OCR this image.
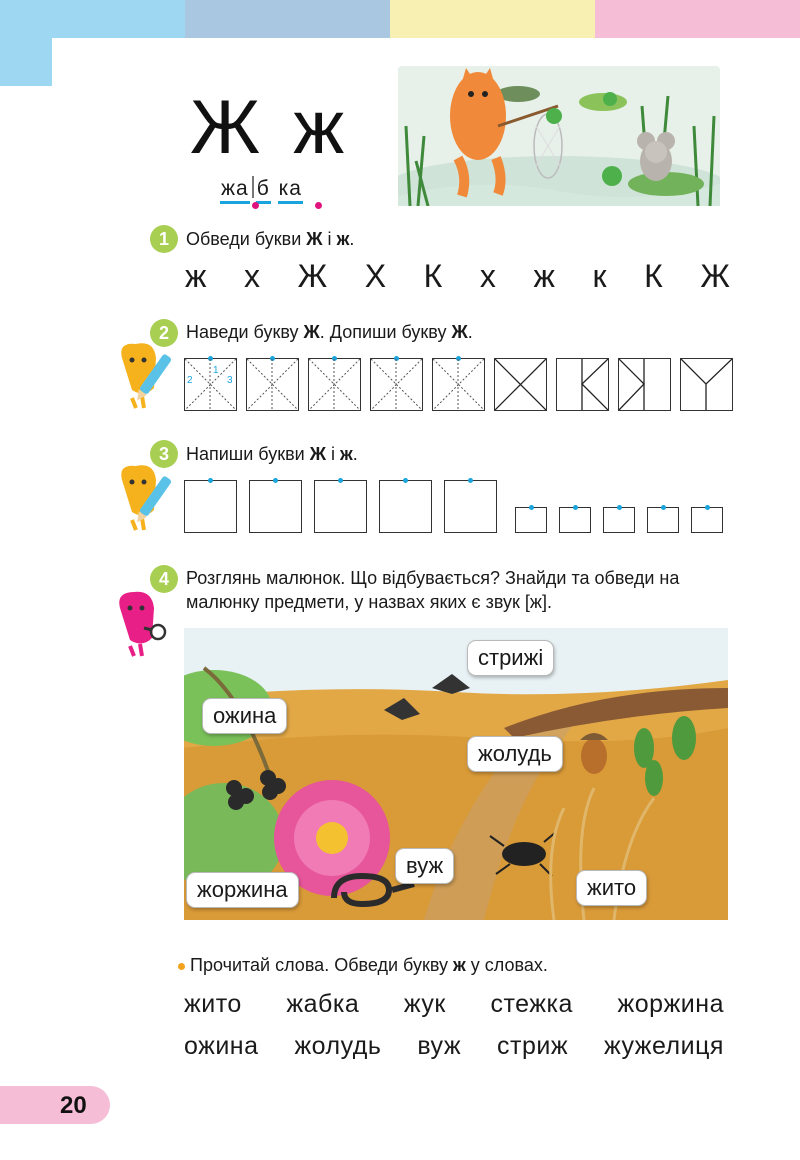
Ж ж
жа б ка
1 Обведи букви Ж і ж.
ж х Ж Х К х ж к К Ж
2 Наведи букву Ж. Допиши букву Ж.
1
2	3
3 Напиши букви Ж і ж.
4 Розглянь малюнок. Що відбувається? Знайди та обведи на малюнку предмети, у назвах яких є звук [ж].
стрижі
ожина
жолудь
вуж
жоржина	жито
Прочитай слова. Обведи букву ж у словах.
жито жабка жук стежка жоржина
ожина жолудь вуж стриж жужелиця
20
